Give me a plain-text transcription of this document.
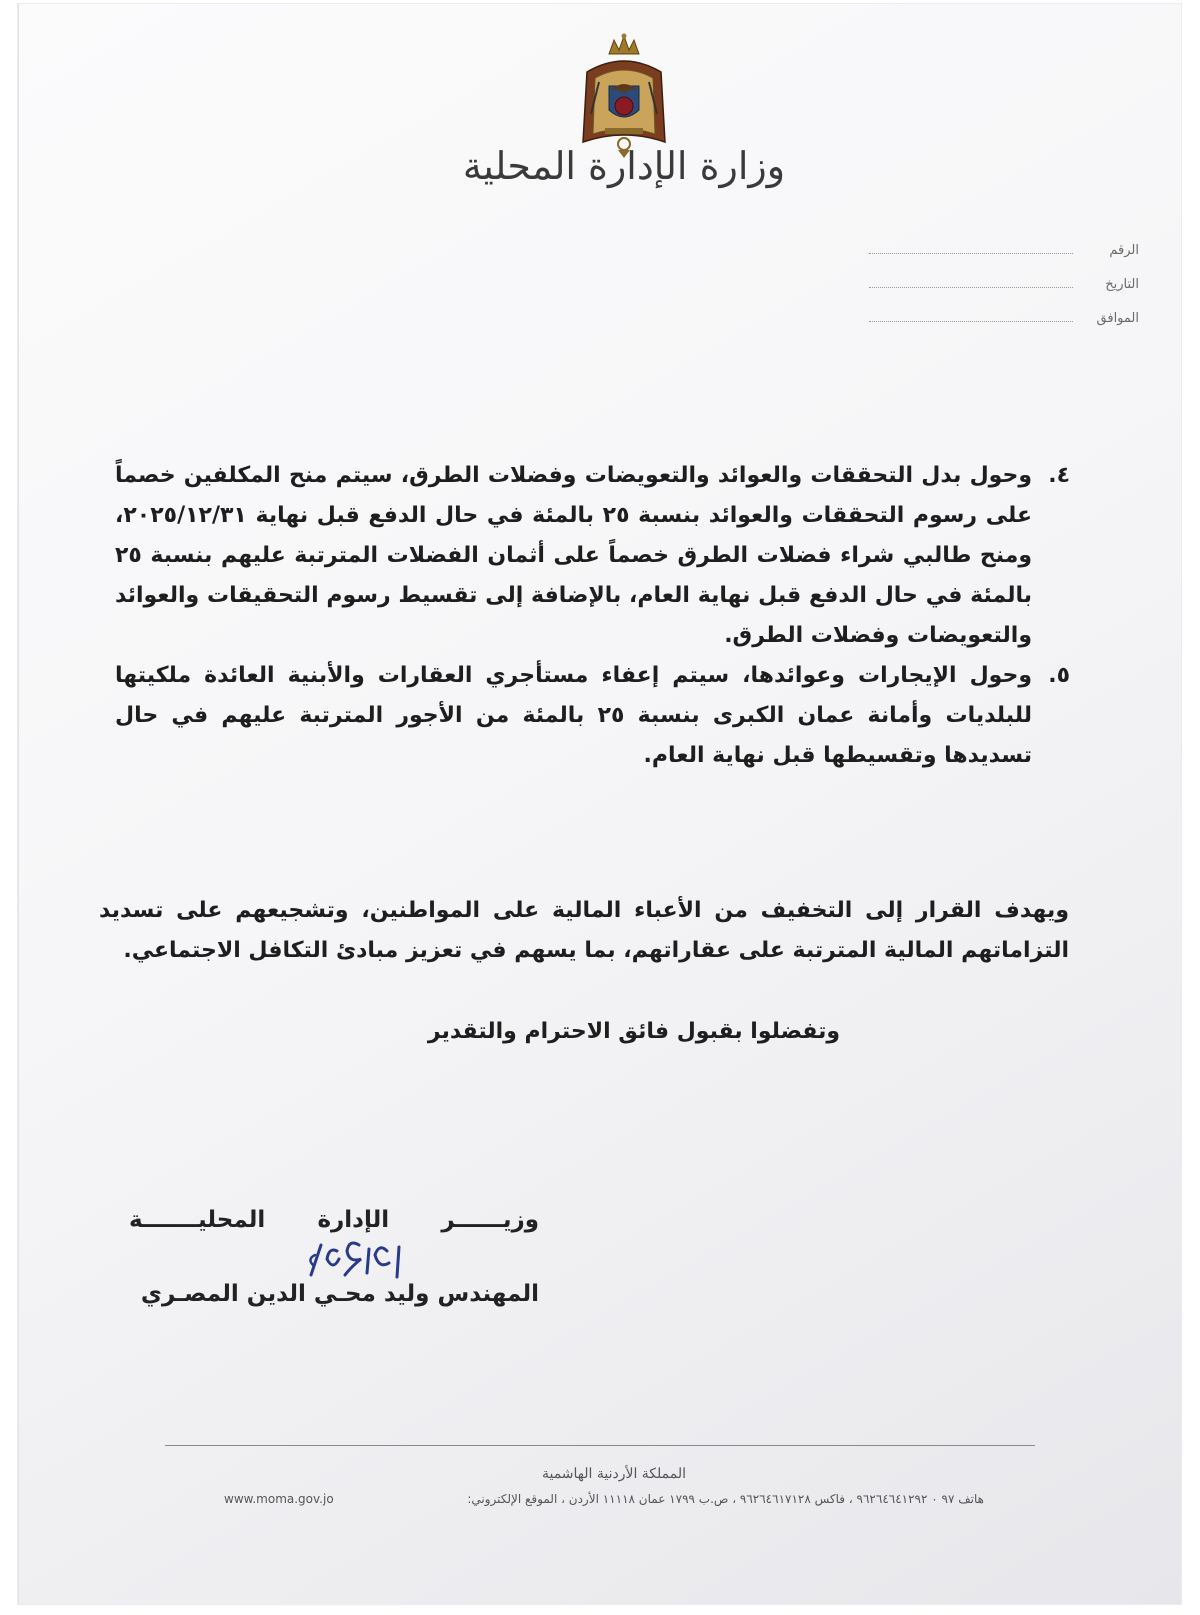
وزارة الإدارة المحلية
الرقم
التاريخ
الموافق
٤.
وحول بدل التحققات والعوائد والتعويضات وفضلات الطرق، سيتم منح المكلفين خصماً على رسوم التحققات والعوائد بنسبة ٢٥ بالمئة في حال الدفع قبل نهاية ٢٠٢٥/١٢/٣١، ومنح طالبي شراء فضلات الطرق خصماً على أثمان الفضلات المترتبة عليهم بنسبة ٢٥ بالمئة في حال الدفع قبل نهاية العام، بالإضافة إلى تقسيط رسوم التحقيقات والعوائد والتعويضات وفضلات الطرق.
٥.
وحول الإيجارات وعوائدها، سيتم إعفاء مستأجري العقارات والأبنية العائدة ملكيتها للبلديات وأمانة عمان الكبرى بنسبة ٢٥ بالمئة من الأجور المترتبة عليهم في حال تسديدها وتقسيطها قبل نهاية العام.
ويهدف القرار إلى التخفيف من الأعباء المالية على المواطنين، وتشجيعهم على تسديد التزاماتهم المالية المترتبة على عقاراتهم، بما يسهم في تعزيز مبادئ التكافل الاجتماعي.
وتفضلوا بقبول فائق الاحترام والتقدير
وزيــــــر الإدارة المحليـــــــة
المهندس وليد محـي الدين المصـري
المملكة الأردنية الهاشمية
www.moma.gov.jo	هاتف ٩٧ ٠ ٩٦٢٦٤٦٤١٢٩٢ ، فاكس ٩٦٢٦٤٦١٧١٢٨ ، ص.ب ١٧٩٩ عمان ١١١١٨ الأردن ، الموقع الإلكتروني:
